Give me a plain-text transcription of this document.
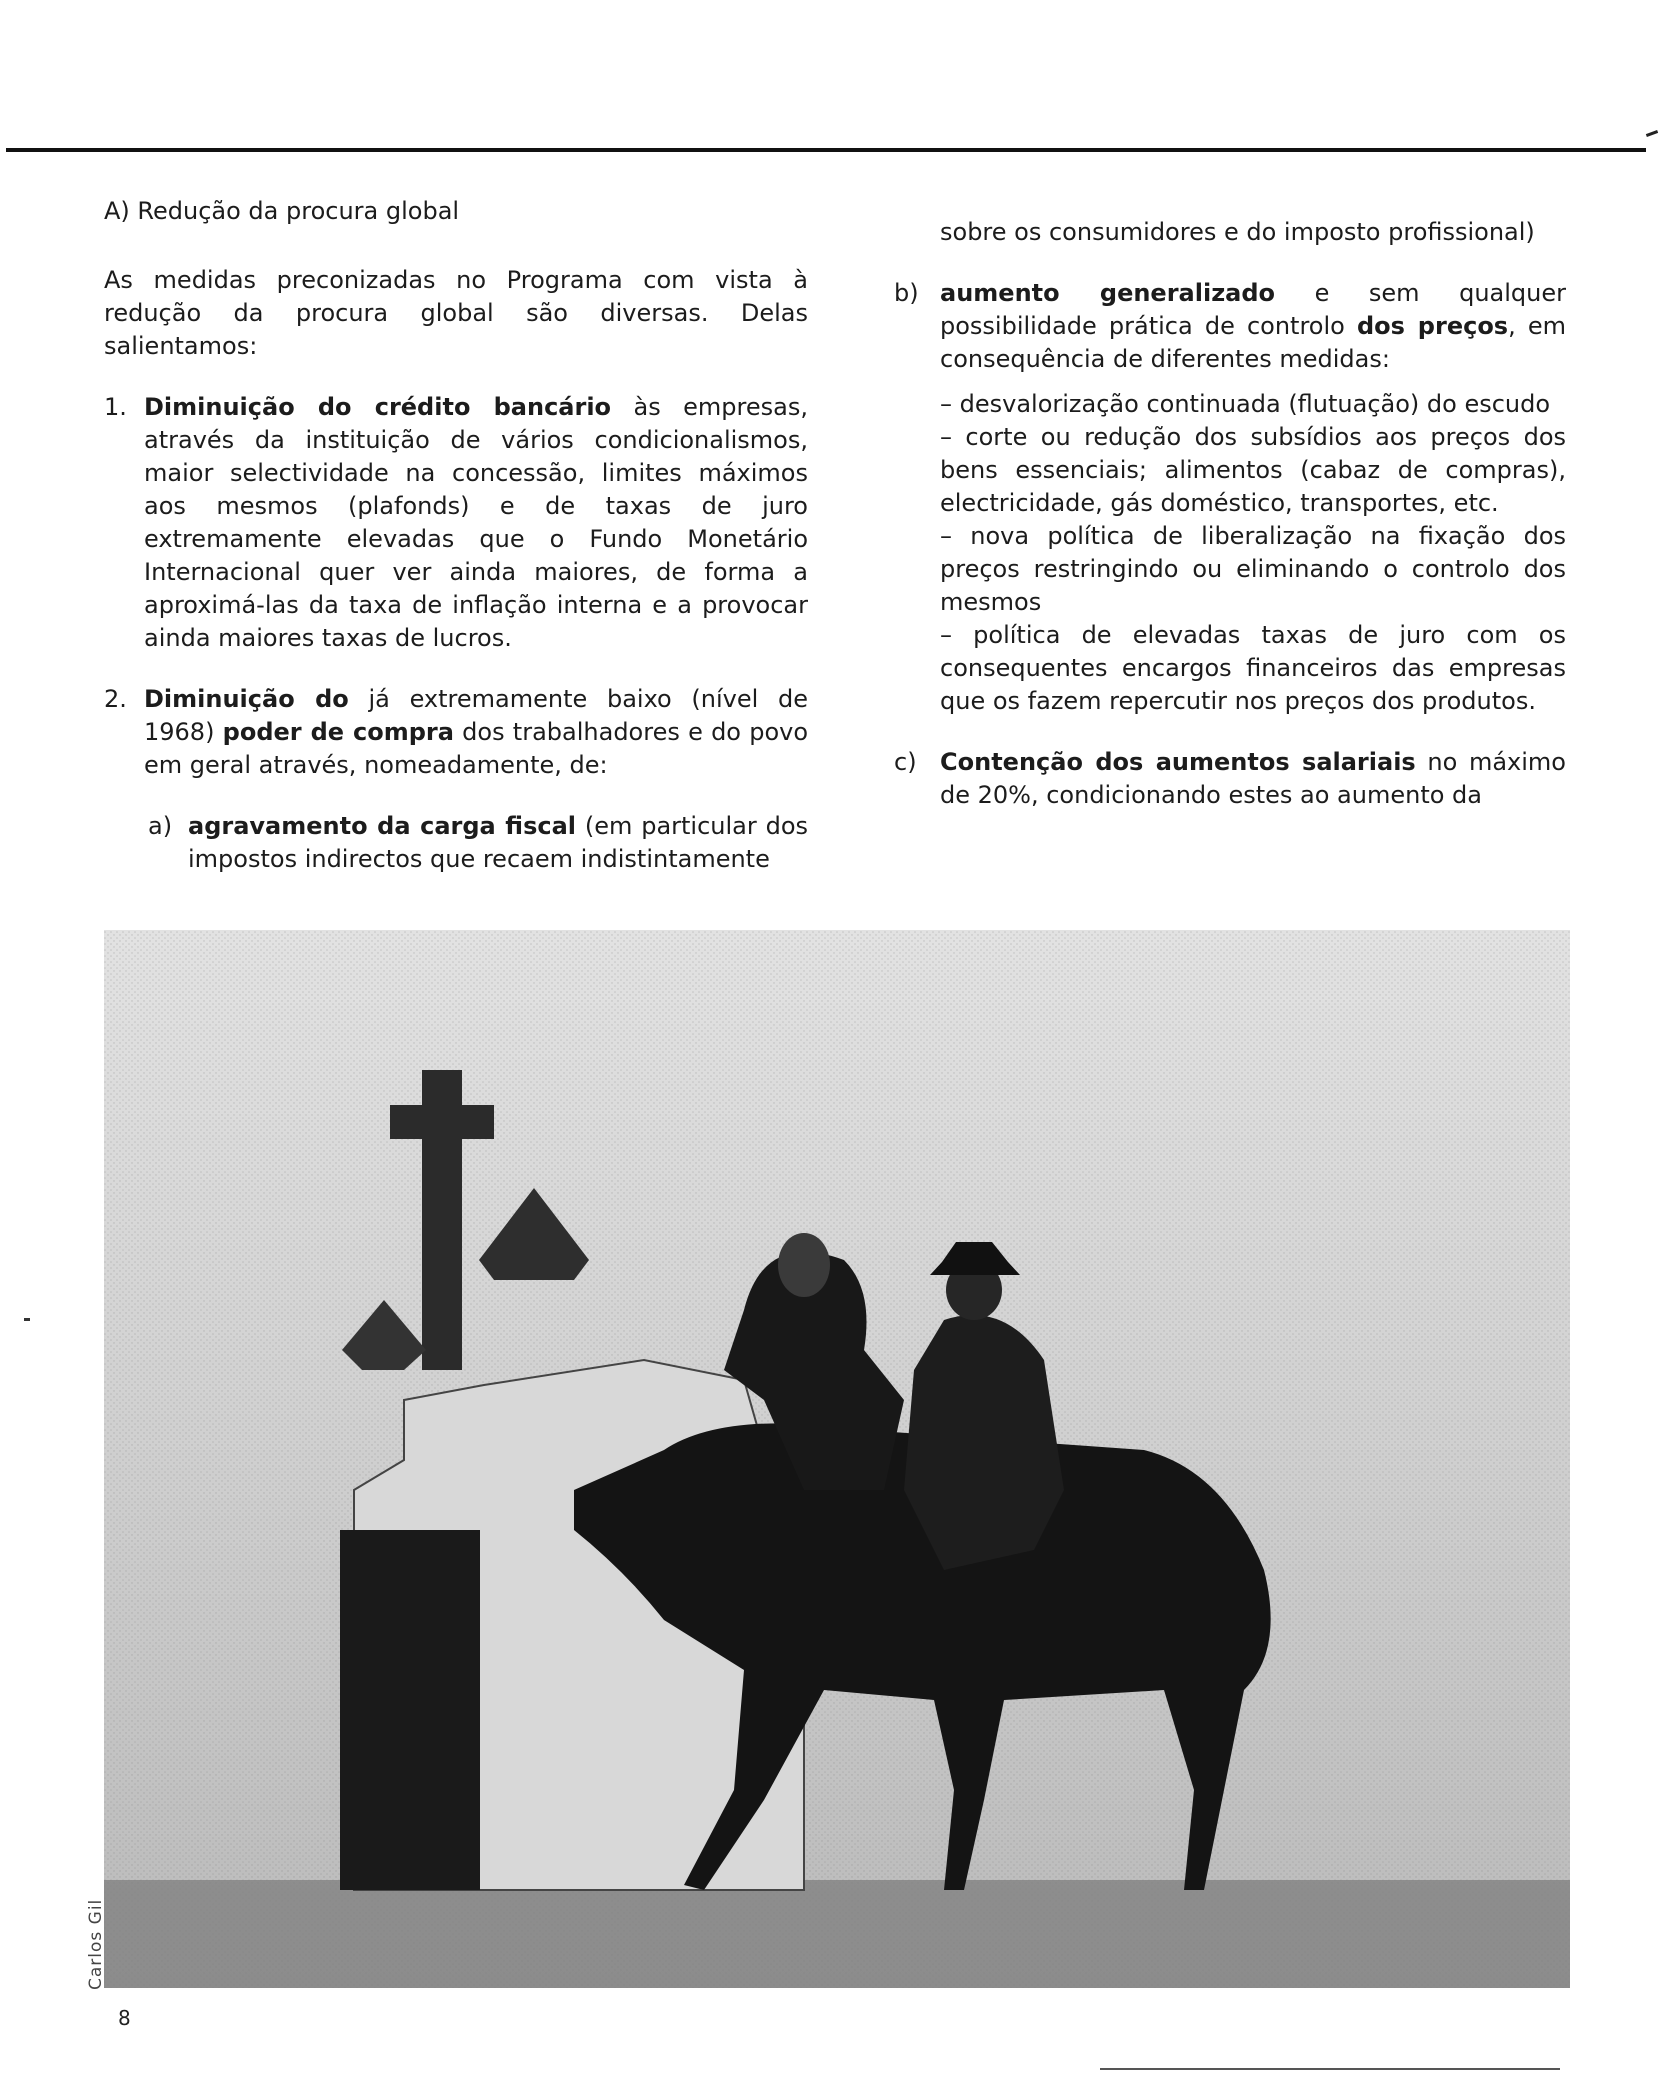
A) Redução da procura global

As medidas preconizadas no Programa com vista à redução da procura global são diversas. Delas salientamos:

1. Diminuição do crédito bancário às empresas, através da instituição de vários condicionalismos, maior selectividade na concessão, limites máximos aos mesmos (plafonds) e de taxas de juro extremamente elevadas que o Fundo Monetário Internacional quer ver ainda maiores, de forma a aproximá-las da taxa de inflação interna e a provocar ainda maiores taxas de lucros.
2. Diminuição do já extremamente baixo (nível de 1968) poder de compra dos trabalhadores e do povo em geral através, nomeadamente, de:
a) agravamento da carga fiscal (em particular dos impostos indirectos que recaem indistintamente

sobre os consumidores e do imposto profissional)

b) aumento generalizado e sem qualquer possibilidade prática de controlo dos preços, em consequência de diferentes medidas:

– desvalorização continuada (flutuação) do escudo

– corte ou redução dos subsídios aos preços dos bens essenciais; alimentos (cabaz de compras), electricidade, gás doméstico, transportes, etc.

– nova política de liberalização na fixação dos preços restringindo ou eliminando o controlo dos mesmos

– política de elevadas taxas de juro com os consequentes encargos financeiros das empresas que os fazem repercutir nos preços dos produtos.

c) Contenção dos aumentos salariais no máximo de 20%, condicionando estes ao aumento da
Carlos Gil
8
